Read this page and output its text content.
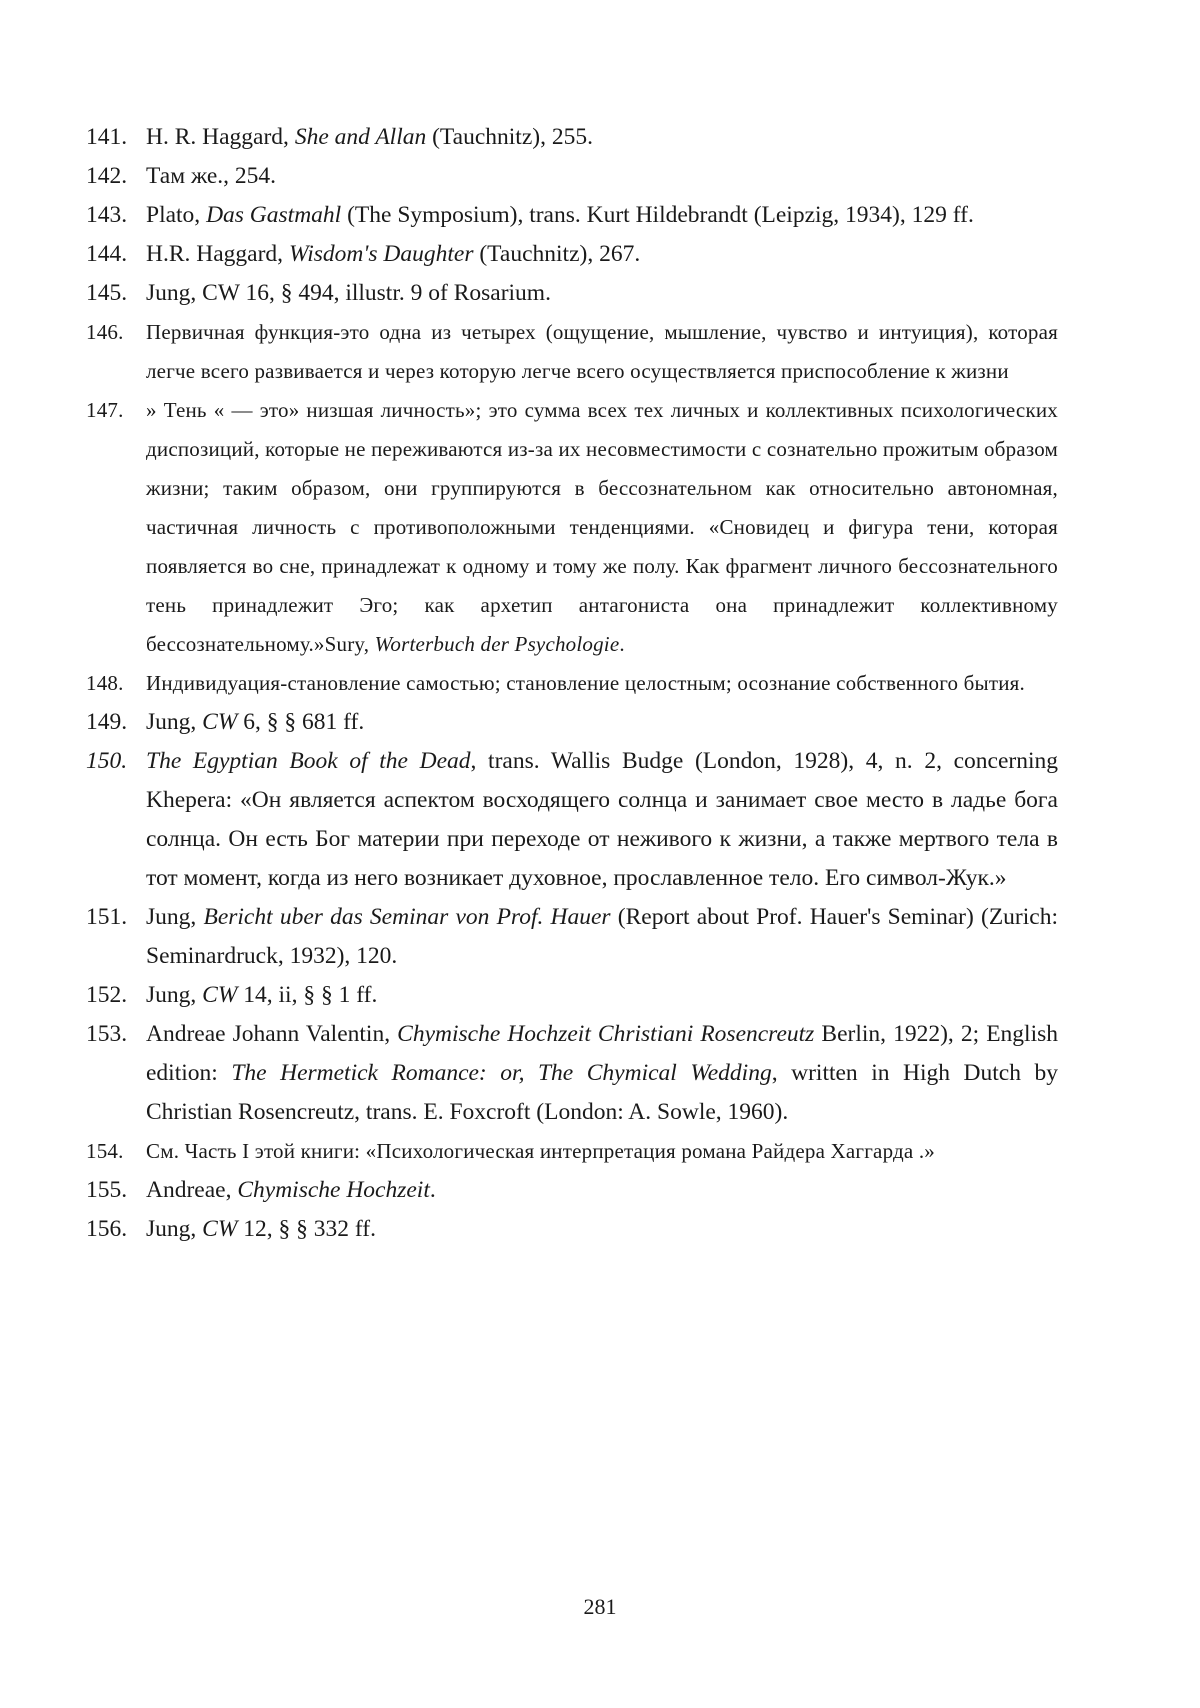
141. H. R. Haggard, She and Allan (Tauchnitz), 255.
142. Там же., 254.
143. Plato, Das Gastmahl (The Symposium), trans. Kurt Hildebrandt (Leipzig, 1934), 129 ff.
144. H.R. Haggard, Wisdom's Daughter (Tauchnitz), 267.
145. Jung, CW 16, § 494, illustr. 9 of Rosarium.
146.	Первичная функция-это одна из четырех (ощущение, мышление, чувство и интуиция), которая легче всего развивается и через которую легче всего осуществляется приспособление к жизни
147.	» Тень « — это» низшая личность»; это сумма всех тех личных и коллективных психологических диспозиций, которые не переживаются из-за их несовместимости с сознательно прожитым образом жизни; таким образом, они группируются в бессознательном как относительно автономная, частичная личность с противоположными тенденциями. «Сновидец и фигура тени, которая появляется во сне, принадлежат к одному и тому же полу. Как фрагмент личного бессознательного тень принадлежит Эго; как архетип антагониста она принадлежит коллективному бессознательному.»Sury, Worterbuch der Psychologie.
148.	Индивидуация-становление самостью; становление целостным; осознание собственного бытия.
149. Jung, CW 6, § § 681 ff.
150. The Egyptian Book of the Dead, trans. Wallis Budge (London, 1928), 4, n. 2, concerning Khepera: «Он является аспектом восходящего солнца и занимает свое место в ладье бога солнца. Он есть Бог материи при переходе от неживого к жизни, а также мертвого тела в тот момент, когда из него возникает духовное, прославленное тело. Его символ-Жук.»
151. Jung, Bericht uber das Seminar von Prof. Hauer (Report about Prof. Hauer's Seminar) (Zurich: Seminardruck, 1932), 120.
152. Jung, CW 14, ii, § § 1 ff.
153. Andreae Johann Valentin, Chymische Hochzeit Christiani Rosencreutz Berlin, 1922), 2; English edition: The Hermetick Romance: or, The Chymical Wedding, written in High Dutch by Christian Rosencreutz, trans. E. Foxcroft (London: A. Sowle, 1960).
154.	См. Часть I этой книги: «Психологическая интерпретация романа Райдера Хаггарда .»
155. Andreae, Chymische Hochzeit.
156. Jung, CW 12, § § 332 ff.
281
